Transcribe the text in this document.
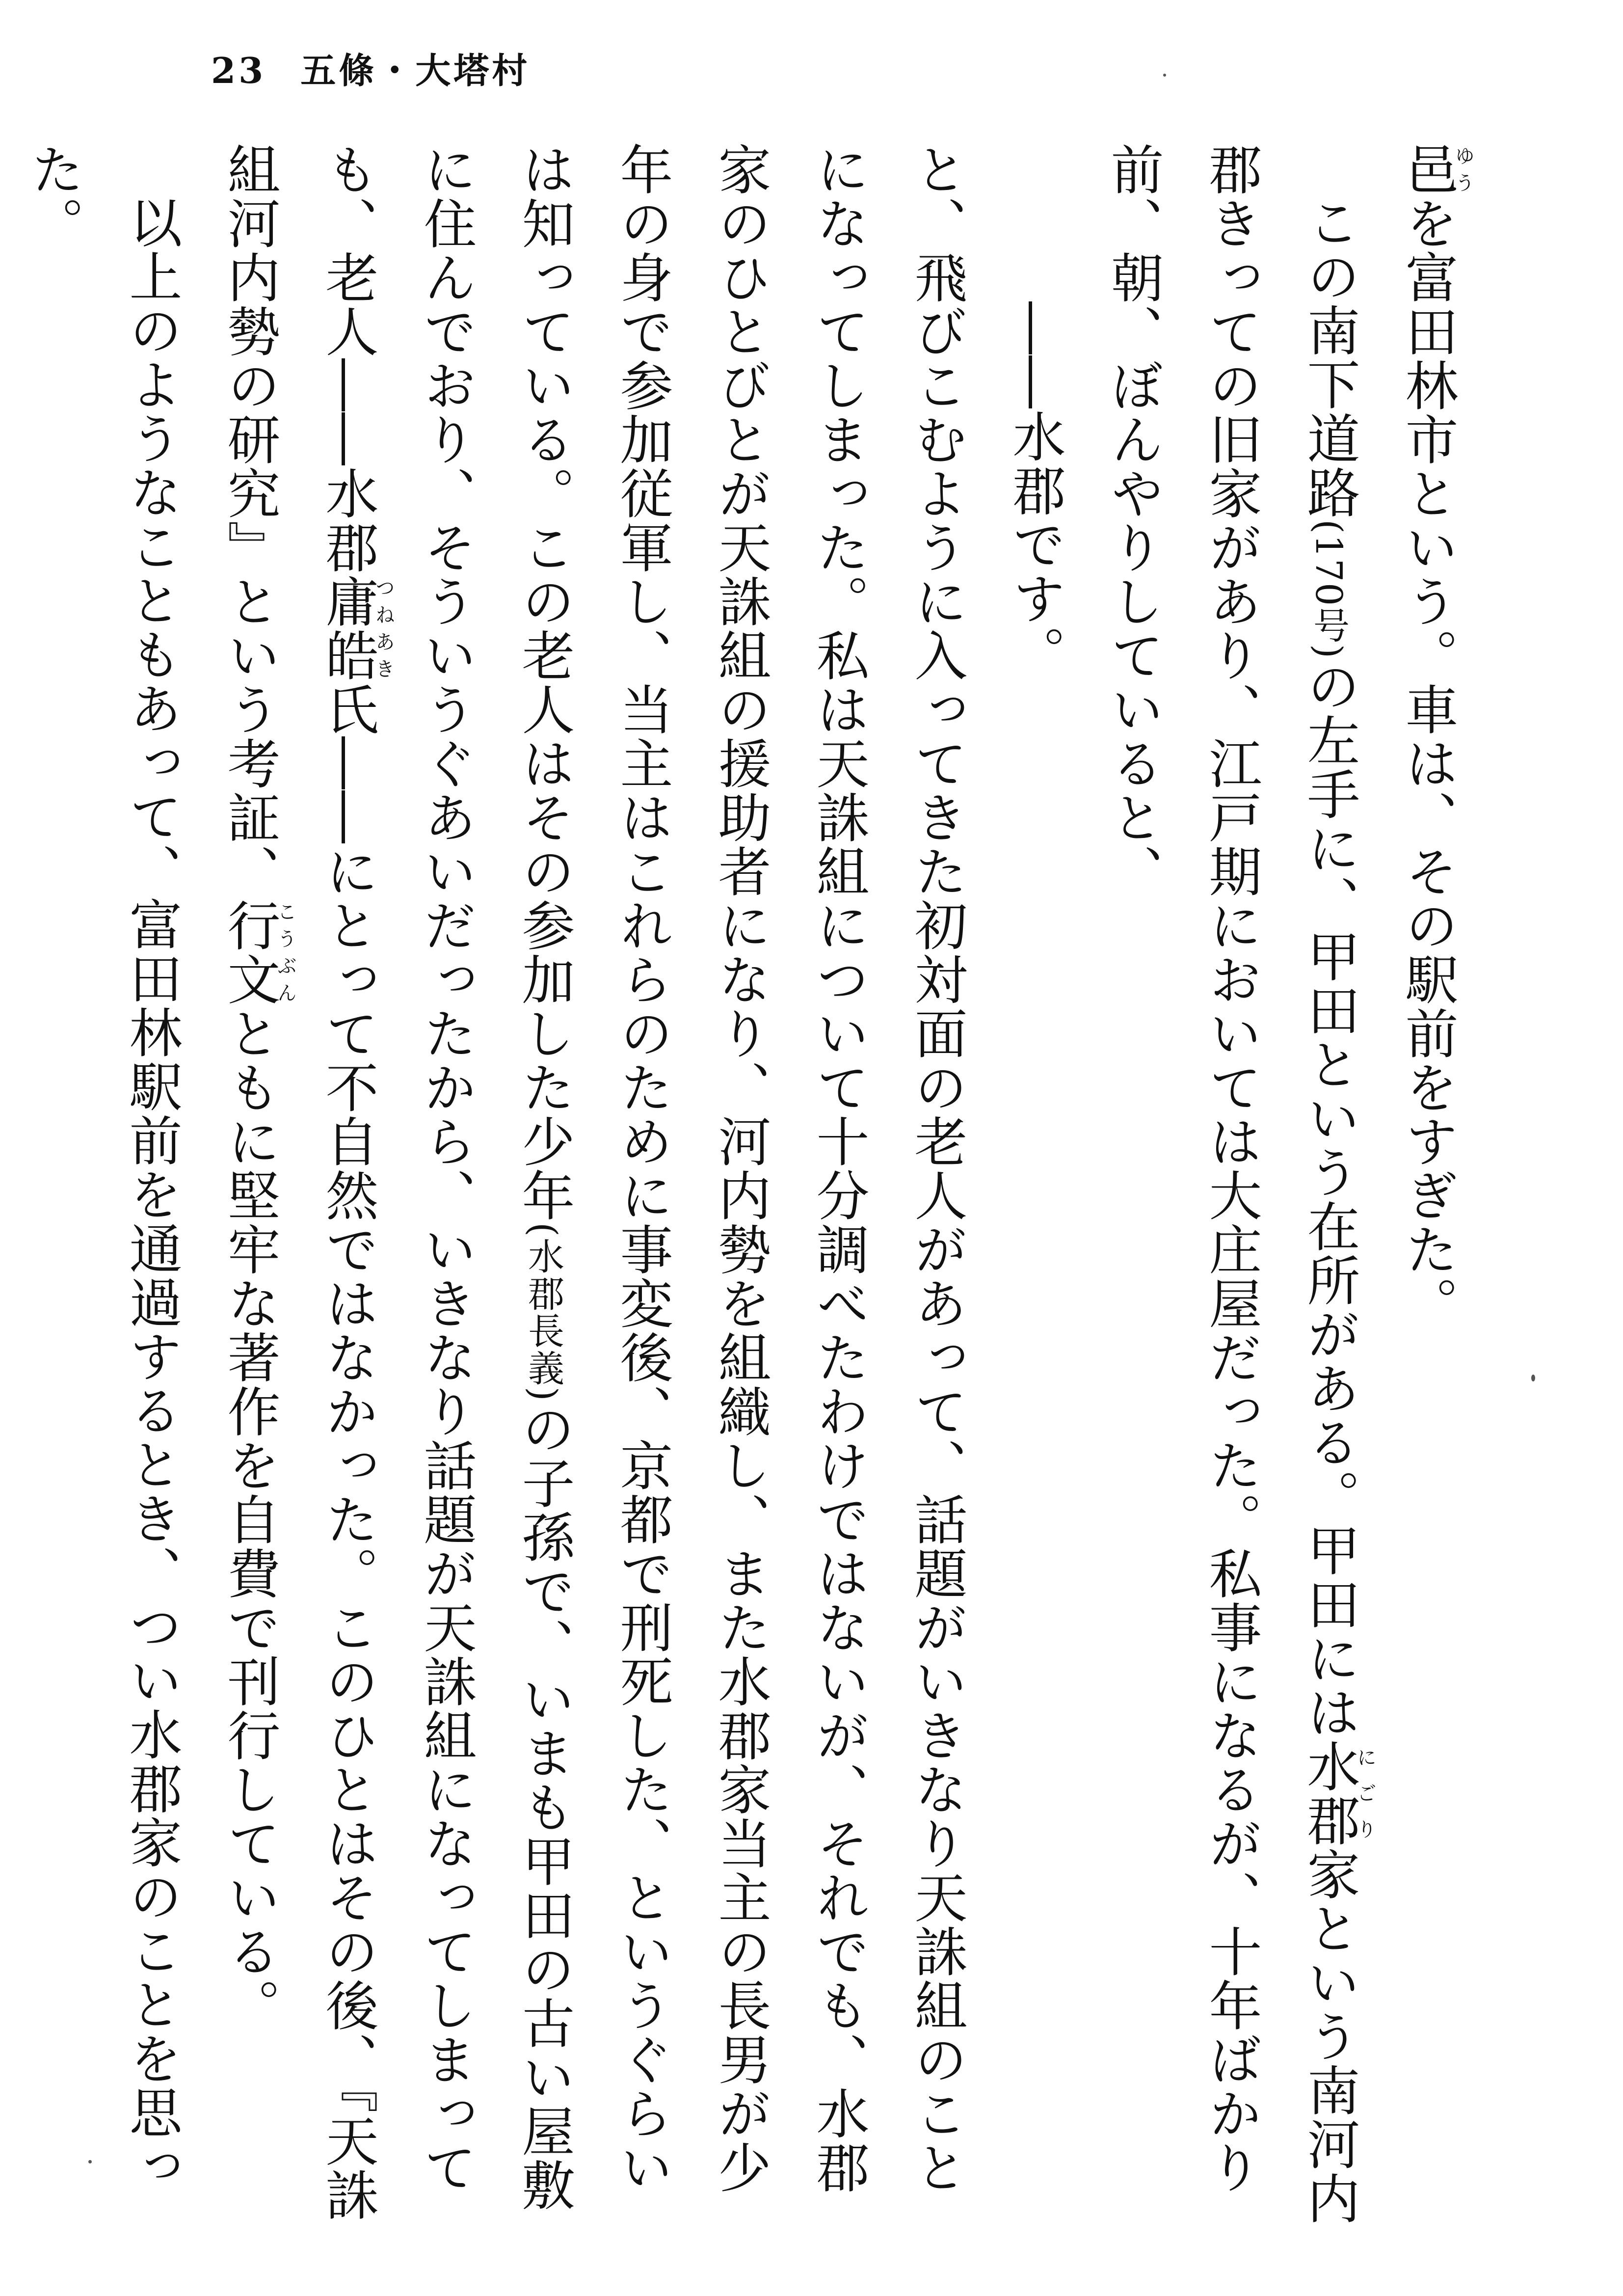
23 五條・大塔村

邑ゆうを富田林市という。車は、その駅前をすぎた。

この南下道路(170号)の左手に、甲田という在所がある。甲田には水郡にごり家という南河内郡きっての旧家があり、江戸期においては大庄屋だった。私事になるが、十年ばかり前、朝、ぼんやりしていると、

――水郡です。

と、飛びこむように入ってきた初対面の老人があって、話題がいきなり天誅組のことになってしまった。私は天誅組について十分調べたわけではないが、それでも、水郡家のひとびとが天誅組の援助者になり、河内勢を組織し、また水郡家当主の長男が少年の身で参加従軍し、当主はこれらのために事変後、京都で刑死した、というぐらいは知っている。この老人はその参加した少年(水郡長義)の子孫で、いまも甲田の古い屋敷に住んでおり、そういうぐあいだったから、いきなり話題が天誅組になってしまっても、老人――水郡庸皓つねあき氏――にとって不自然ではなかった。このひとはその後、『天誅組河内勢の研究』という考証、行文こうぶんともに堅牢な著作を自費で刊行している。

以上のようなこともあって、富田林駅前を通過するとき、つい水郡家のことを思った。
